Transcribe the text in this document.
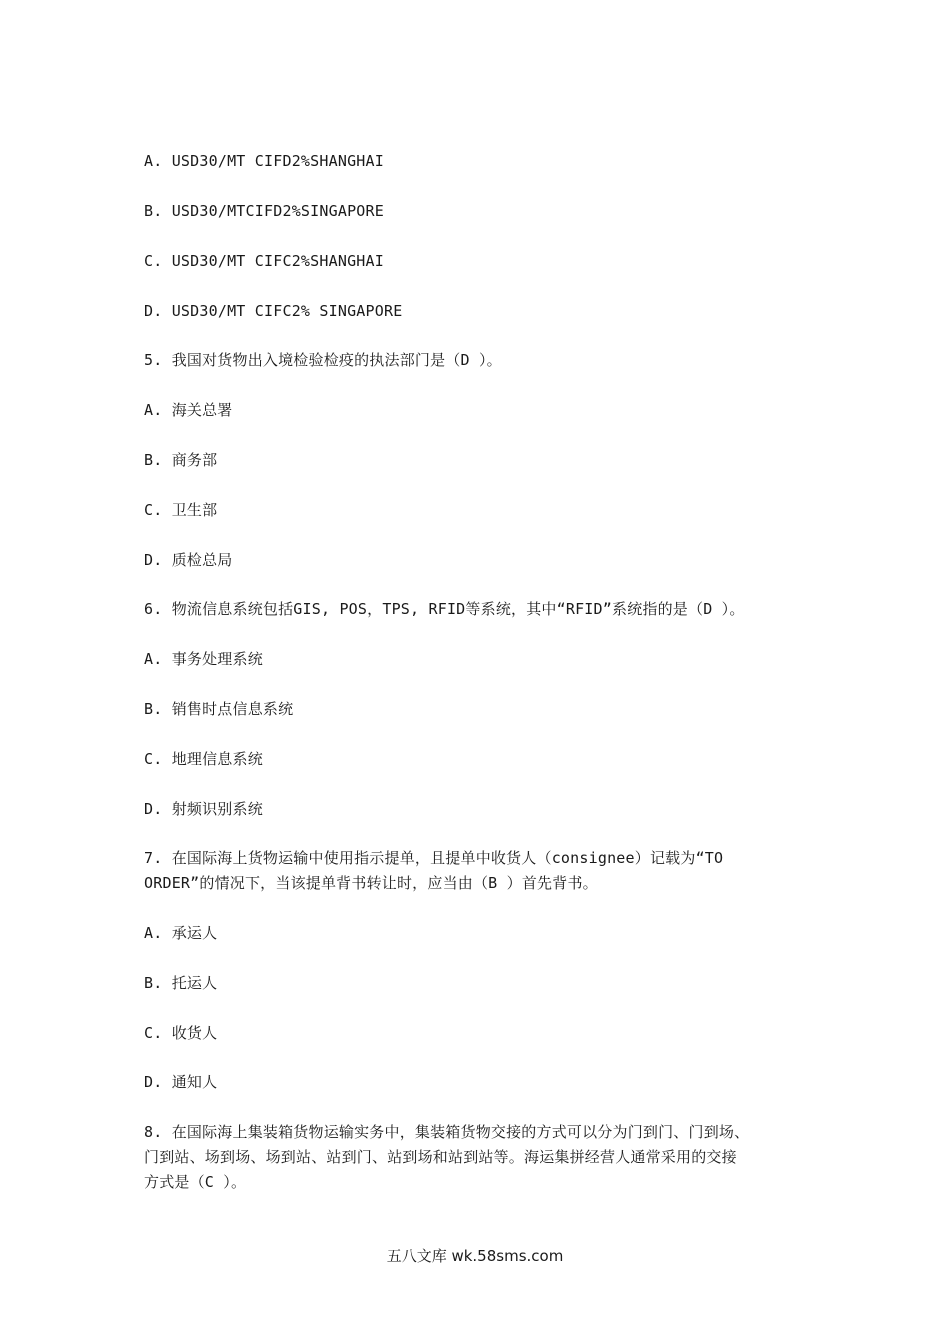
A. USD30/MT CIFD2%SHANGHAI
B. USD30/MTCIFD2%SINGAPORE
C. USD30/MT CIFC2%SHANGHAI
D. USD30/MT CIFC2% SINGAPORE
5. 我国对货物出入境检验检疫的执法部门是（D ）。
A. 海关总署
B. 商务部
C. 卫生部
D. 质检总局
6. 物流信息系统包括GIS, POS，TPS, RFID等系统，其中“RFID”系统指的是（D ）。
A. 事务处理系统
B. 销售时点信息系统
C. 地理信息系统
D. 射频识别系统
7. 在国际海上货物运输中使用指示提单，且提单中收货人（consignee）记载为“TO
ORDER”的情况下，当该提单背书转让时，应当由（B ）首先背书。
A. 承运人
B. 托运人
C. 收货人
D. 通知人
8. 在国际海上集装箱货物运输实务中，集装箱货物交接的方式可以分为门到门、门到场、
门到站、场到场、场到站、站到门、站到场和站到站等。海运集拼经营人通常采用的交接
方式是（C ）。
五八文库 wk.58sms.com
